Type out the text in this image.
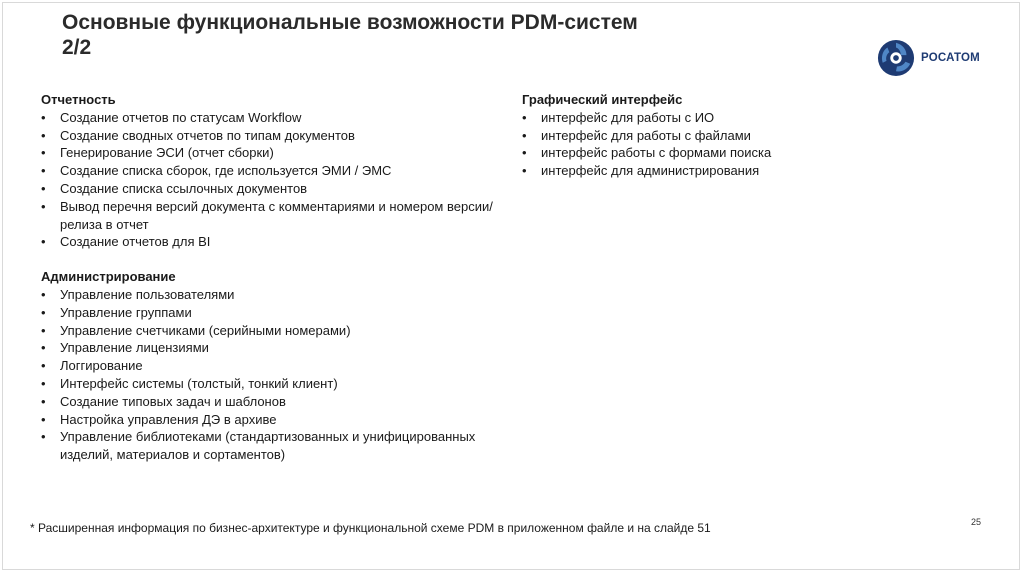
Основные функциональные возможности PDM-систем
2/2	РОСАТОМ

Отчетность

• Создание отчетов по статусам Workflow
• Создание сводных отчетов по типам документов
• Генерирование ЭСИ (отчет сборки)
• Создание списка сборок, где используется ЭМИ / ЭМС
• Создание списка ссылочных документов
• Вывод перечня версий документа с комментариями и номером версии/релиза в отчет
• Создание отчетов для BI

Администрирование

• Управление пользователями
• Управление группами
• Управление счетчиками (серийными номерами)
• Управление лицензиями
• Логгирование
• Интерфейс системы (толстый, тонкий клиент)
• Создание типовых задач и шаблонов
• Настройка управления ДЭ в архиве
• Управление библиотеками (стандартизованных и унифицированных изделий, материалов и сортаментов)

Графический интерфейс

• интерфейс для работы с ИО
• интерфейс для работы с файлами
• интерфейс работы с формами поиска
• интерфейс для администрирования
25
* Расширенная информация по бизнес-архитектуре и функциональной схеме PDM в приложенном файле и на слайде 51
